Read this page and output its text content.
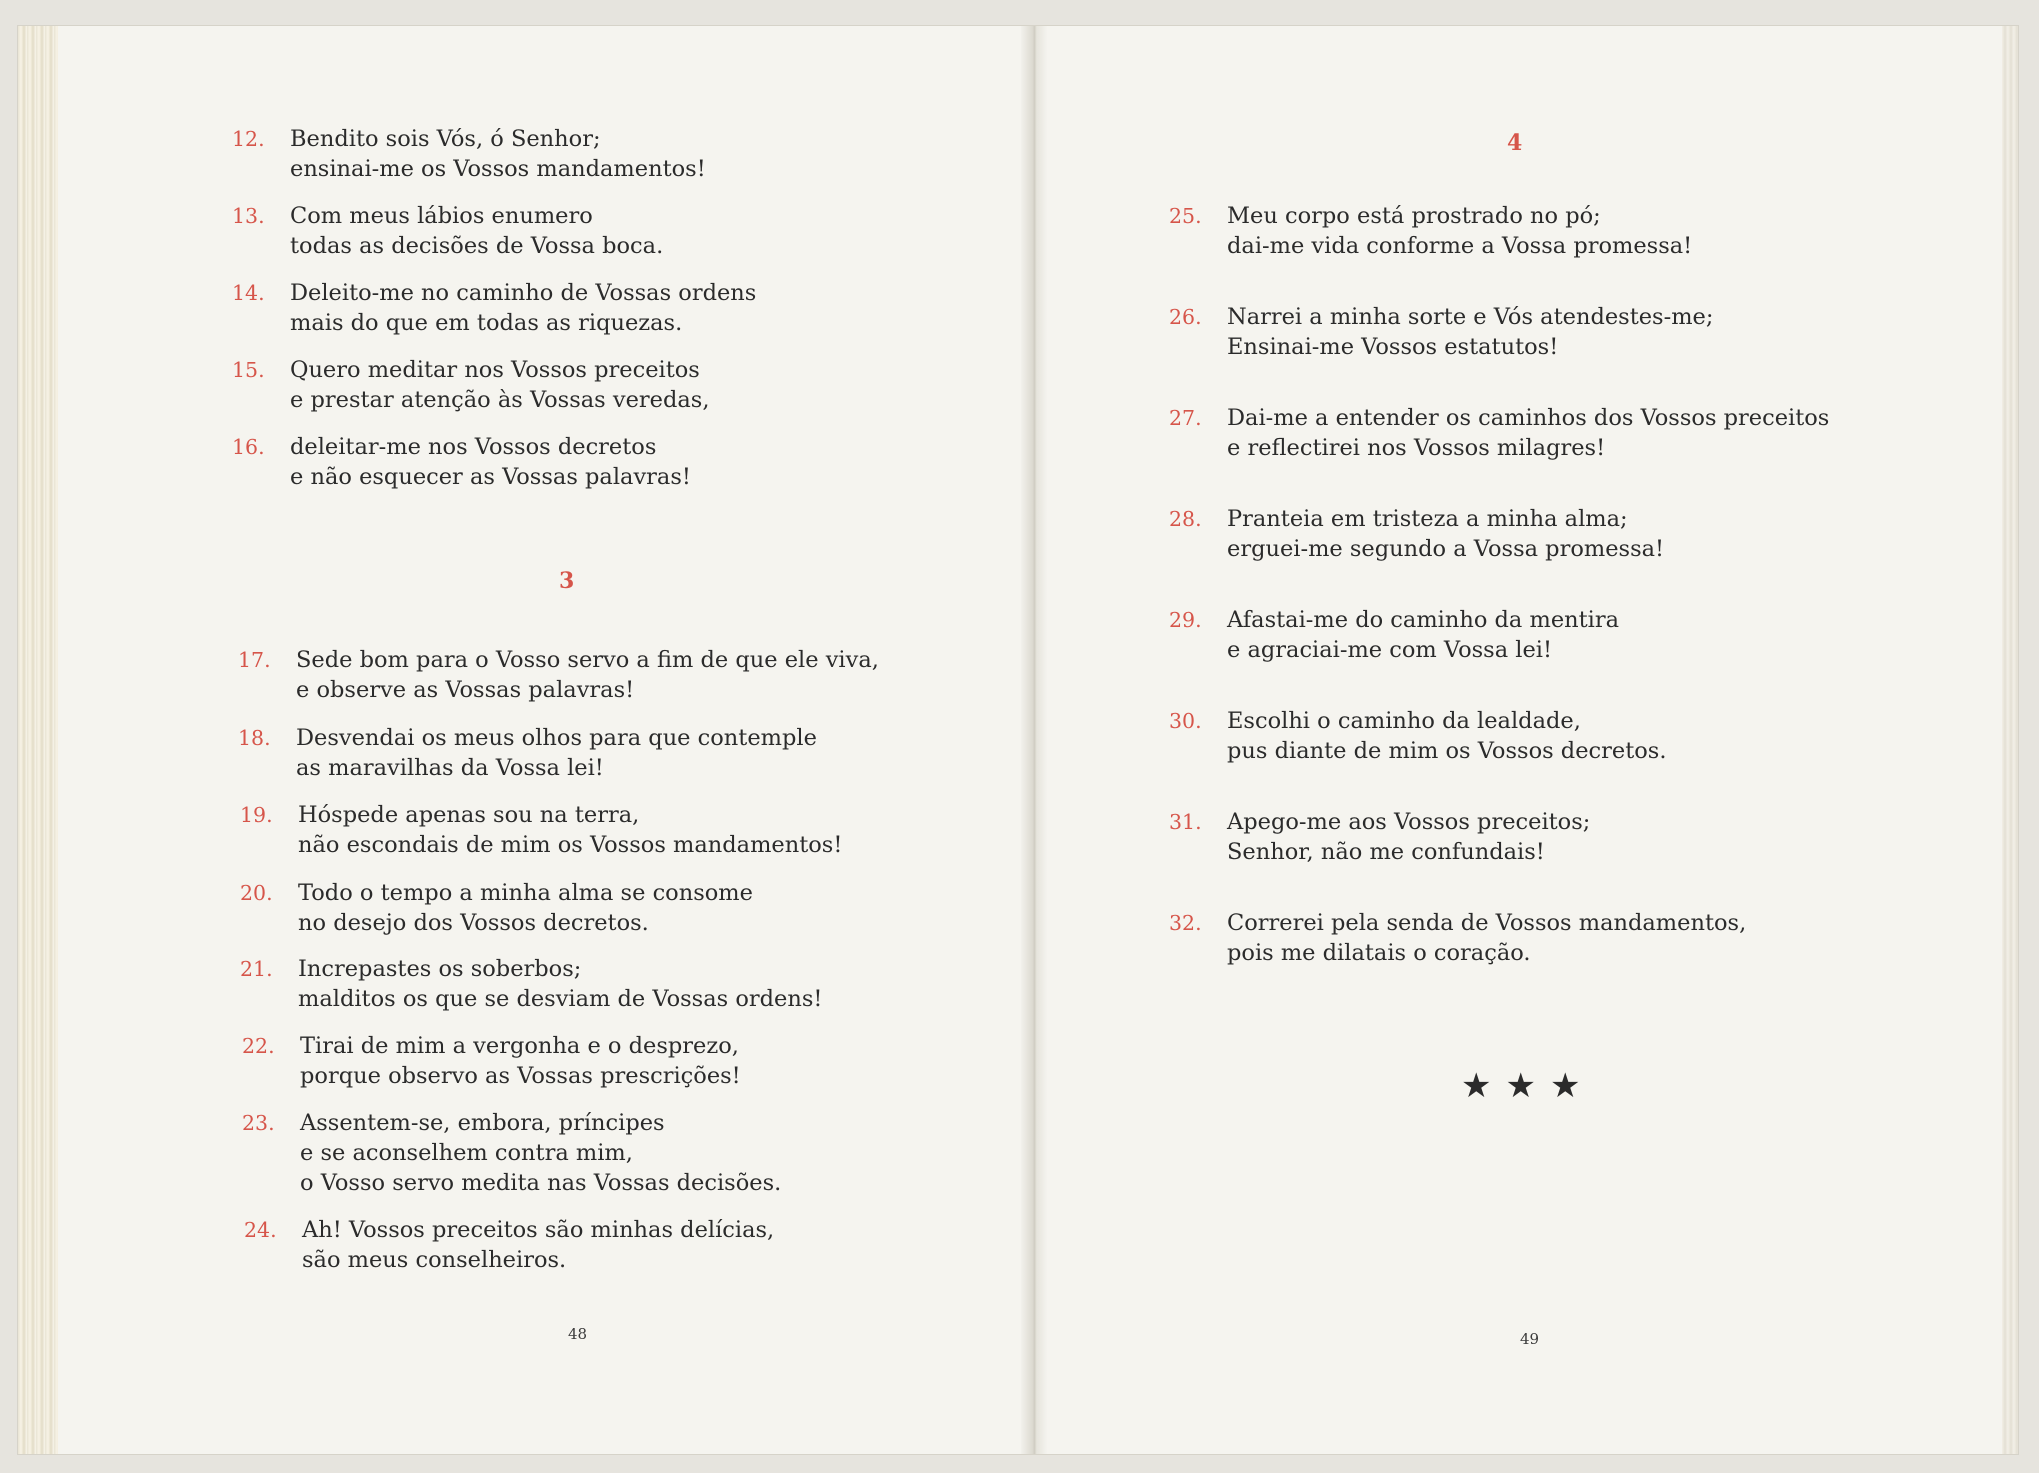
12.	Bendito sois Vós, ó Senhor;
ensinai-me os Vossos mandamentos!
13.	Com meus lábios enumero
todas as decisões de Vossa boca.
14.	Deleito-me no caminho de Vossas ordens
mais do que em todas as riquezas.
15.	Quero meditar nos Vossos preceitos
e prestar atenção às Vossas veredas,
16.	deleitar-me nos Vossos decretos
e não esquecer as Vossas palavras!
3
17.	Sede bom para o Vosso servo a fim de que ele viva,
e observe as Vossas palavras!
18.	Desvendai os meus olhos para que contemple
as maravilhas da Vossa lei!
19.	Hóspede apenas sou na terra,
não escondais de mim os Vossos mandamentos!
20.	Todo o tempo a minha alma se consome
no desejo dos Vossos decretos.
21.	Increpastes os soberbos;
malditos os que se desviam de Vossas ordens!
22.	Tirai de mim a vergonha e o desprezo,
porque observo as Vossas prescrições!
23.	Assentem-se, embora, príncipes
e se aconselhem contra mim,
o Vosso servo medita nas Vossas decisões.
24.	Ah! Vossos preceitos são minhas delícias,
são meus conselheiros.
48
4
25.	Meu corpo está prostrado no pó;
dai-me vida conforme a Vossa promessa!
26.	Narrei a minha sorte e Vós atendestes-me;
Ensinai-me Vossos estatutos!
27.	Dai-me a entender os caminhos dos Vossos preceitos
e reflectirei nos Vossos milagres!
28.	Pranteia em tristeza a minha alma;
erguei-me segundo a Vossa promessa!
29.	Afastai-me do caminho da mentira
e agraciai-me com Vossa lei!
30.	Escolhi o caminho da lealdade,
pus diante de mim os Vossos decretos.
31.	Apego-me aos Vossos preceitos;
Senhor, não me confundais!
32.	Correrei pela senda de Vossos mandamentos,
pois me dilatais o coração.
★★★
49
